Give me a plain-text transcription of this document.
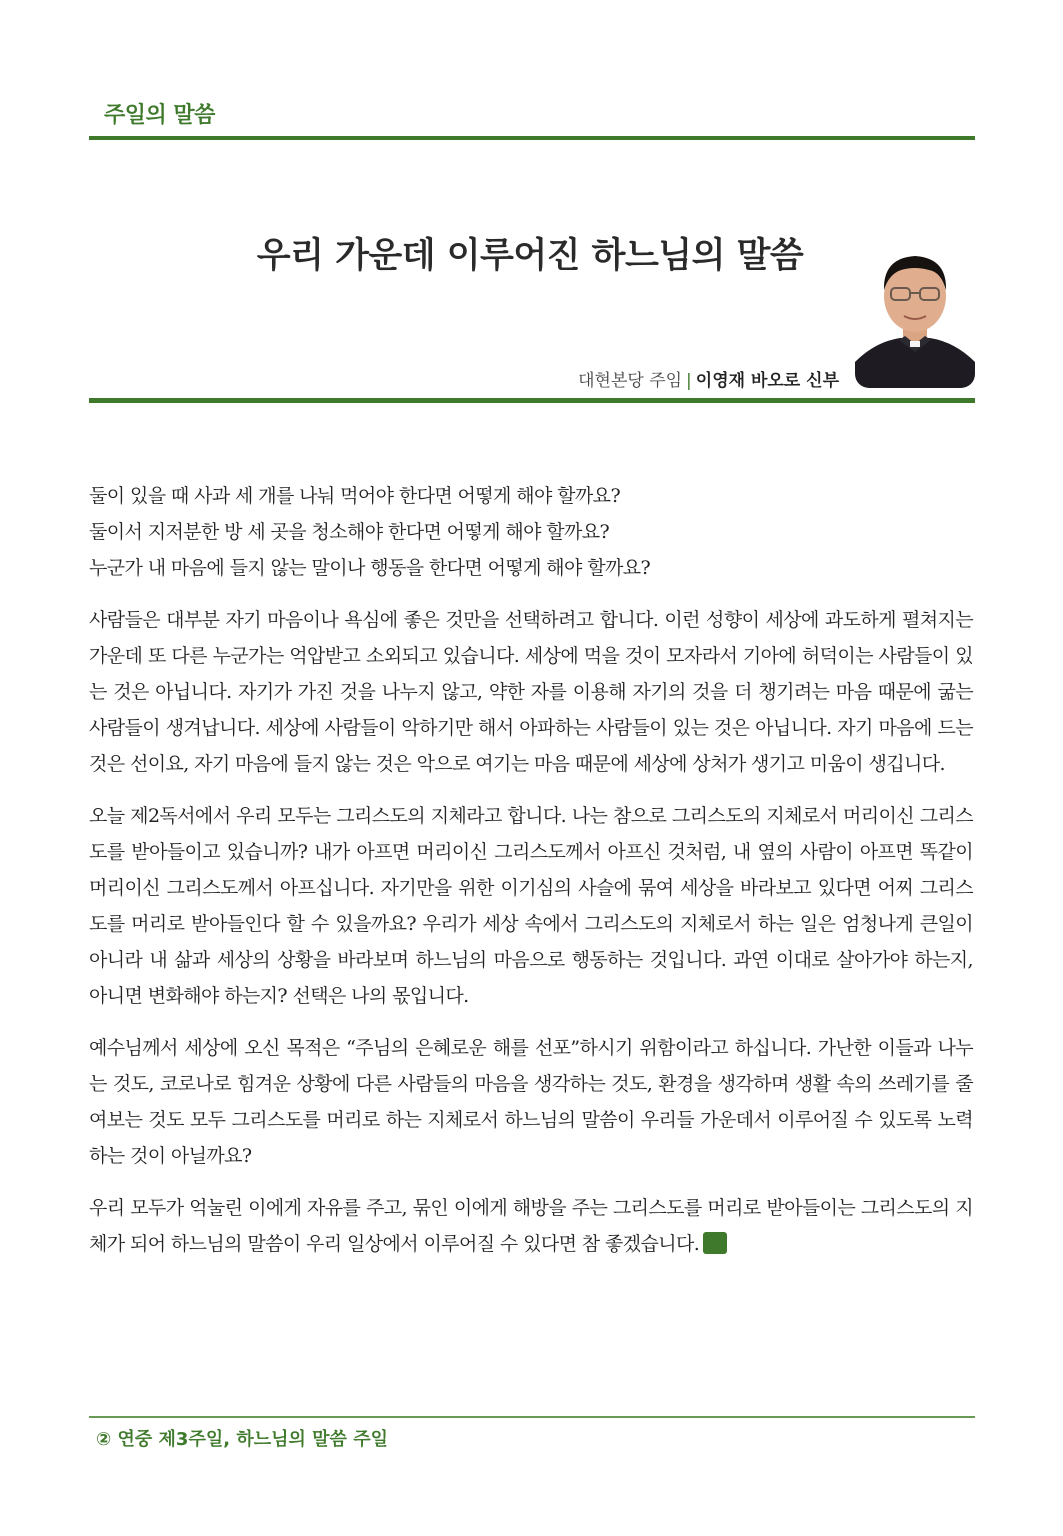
주일의 말씀
우리 가운데 이루어진 하느님의 말씀
대현본당 주임 | 이영재 바오로 신부

둘이 있을 때 사과 세 개를 나눠 먹어야 한다면 어떻게 해야 할까요?
둘이서 지저분한 방 세 곳을 청소해야 한다면 어떻게 해야 할까요?
누군가 내 마음에 들지 않는 말이나 행동을 한다면 어떻게 해야 할까요?

사람들은 대부분 자기 마음이나 욕심에 좋은 것만을 선택하려고 합니다. 이런 성향이 세상에 과도하게 펼쳐지는 가운데 또 다른 누군가는 억압받고 소외되고 있습니다. 세상에 먹을 것이 모자라서 기아에 허덕이는 사람들이 있는 것은 아닙니다. 자기가 가진 것을 나누지 않고, 약한 자를 이용해 자기의 것을 더 챙기려는 마음 때문에 굶는 사람들이 생겨납니다. 세상에 사람들이 악하기만 해서 아파하는 사람들이 있는 것은 아닙니다. 자기 마음에 드는 것은 선이요, 자기 마음에 들지 않는 것은 악으로 여기는 마음 때문에 세상에 상처가 생기고 미움이 생깁니다.

오늘 제2독서에서 우리 모두는 그리스도의 지체라고 합니다. 나는 참으로 그리스도의 지체로서 머리이신 그리스도를 받아들이고 있습니까? 내가 아프면 머리이신 그리스도께서 아프신 것처럼, 내 옆의 사람이 아프면 똑같이 머리이신 그리스도께서 아프십니다. 자기만을 위한 이기심의 사슬에 묶여 세상을 바라보고 있다면 어찌 그리스도를 머리로 받아들인다 할 수 있을까요? 우리가 세상 속에서 그리스도의 지체로서 하는 일은 엄청나게 큰일이 아니라 내 삶과 세상의 상황을 바라보며 하느님의 마음으로 행동하는 것입니다. 과연 이대로 살아가야 하는지, 아니면 변화해야 하는지? 선택은 나의 몫입니다.

예수님께서 세상에 오신 목적은 “주님의 은혜로운 해를 선포”하시기 위함이라고 하십니다. 가난한 이들과 나누는 것도, 코로나로 힘겨운 상황에 다른 사람들의 마음을 생각하는 것도, 환경을 생각하며 생활 속의 쓰레기를 줄여보는 것도 모두 그리스도를 머리로 하는 지체로서 하느님의 말씀이 우리들 가운데서 이루어질 수 있도록 노력하는 것이 아닐까요?

우리 모두가 억눌린 이에게 자유를 주고, 묶인 이에게 해방을 주는 그리스도를 머리로 받아들이는 그리스도의 지체가 되어 하느님의 말씀이 우리 일상에서 이루어질 수 있다면 참 좋겠습니다.

② 연중 제3주일, 하느님의 말씀 주일
